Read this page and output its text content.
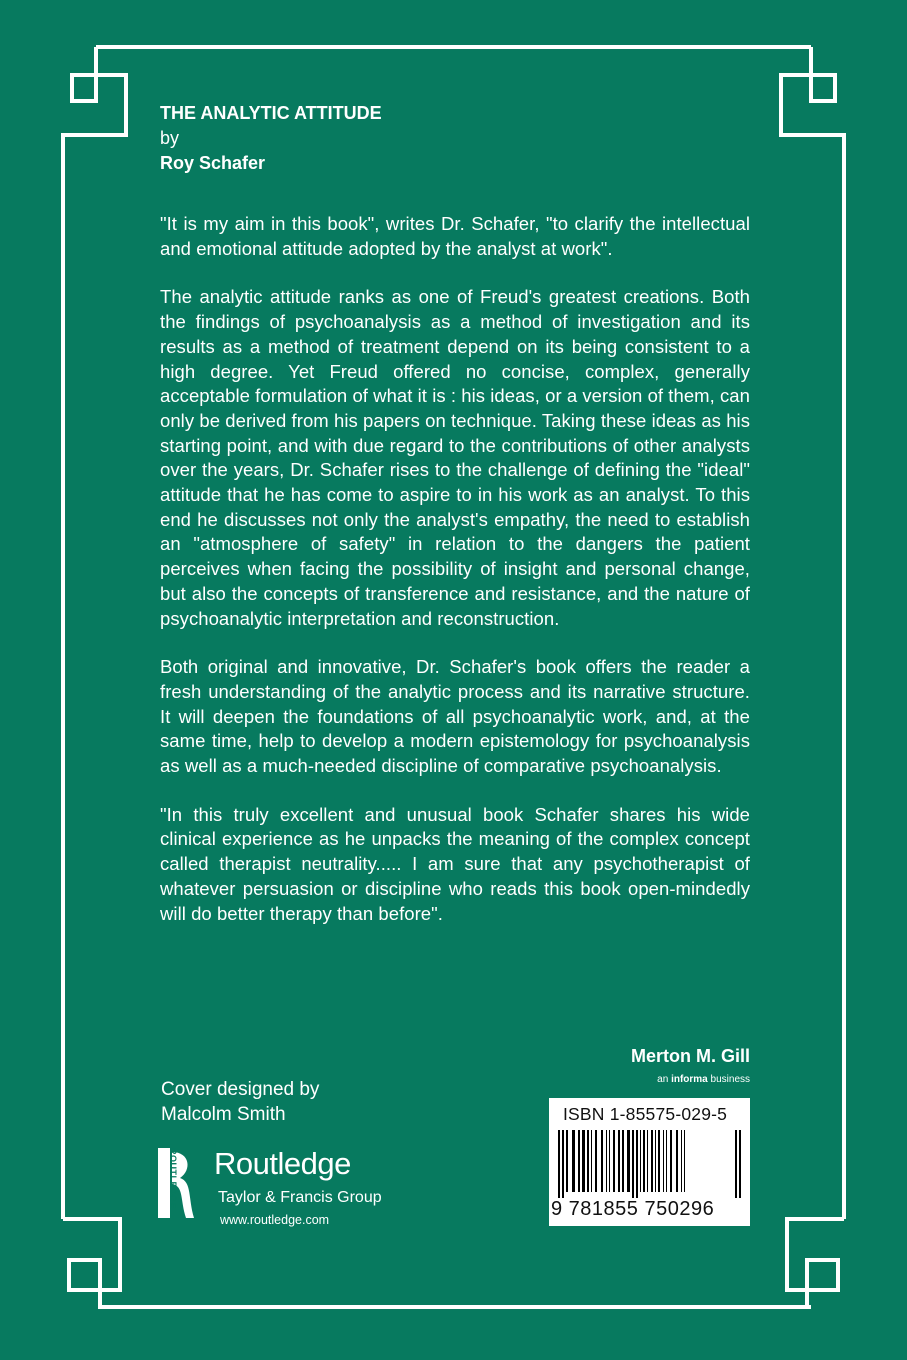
THE ANALYTIC ATTITUDE
by
Roy Schafer

"It is my aim in this book", writes Dr. Schafer, "to clarify the intellectual and emotional attitude adopted by the analyst at work".

The analytic attitude ranks as one of Freud's greatest creations. Both the findings of psychoanalysis as a method of investigation and its results as a method of treatment depend on its being consistent to a high degree. Yet Freud offered no concise, complex, generally acceptable formulation of what it is : his ideas, or a version of them, can only be derived from his papers on technique. Taking these ideas as his starting point, and with due regard to the contributions of other analysts over the years, Dr. Schafer rises to the challenge of defining the "ideal" attitude that he has come to aspire to in his work as an analyst. To this end he discusses not only the analyst's empathy, the need to establish an "atmosphere of safety" in relation to the dangers the patient perceives when facing the possibility of insight and personal change, but also the concepts of transference and resistance, and the nature of psychoanalytic interpretation and reconstruction.

Both original and innovative, Dr. Schafer's book offers the reader a fresh understanding of the analytic process and its narrative structure. It will deepen the foundations of all psychoanalytic work, and, at the same time, help to develop a modern epistemology for psychoanalysis as well as a much-needed discipline of comparative psychoanalysis.

"In this truly excellent and unusual book Schafer shares his wide clinical experience as he unpacks the meaning of the complex concept called therapist neutrality..... I am sure that any psychotherapist of whatever persuasion or discipline who reads this book open-mindedly will do better therapy than before".

Merton M. Gill
an informa business
Cover designed by
Malcolm Smith
ROUTLEDGE Routledge
Taylor & Francis Group
www.routledge.com
ISBN 1-85575-029-5
9 781855 750296
